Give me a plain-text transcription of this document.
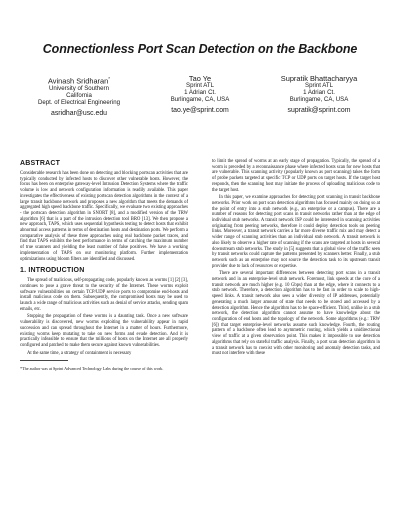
Connectionless Port Scan Detection on the Backbone
Avinash Sridharan*
University of Southern
California
Dept. of Electrical Engineering
asridhar@usc.edu
Tao Ye
Sprint ATL
1 Adrian Ct.
Burlingame, CA, USA
tao.ye@sprint.com
Supratik Bhattacharyya
Sprint ATL
1 Adrian Ct.
Burlingame, CA, USA
supratik@sprint.com
ABSTRACT

Considerable research has been done on detecting and blocking portscan activities that are typically conducted by infected hosts to discover other vulnerable hosts. However, the focus has been on enterprise gateway-level Intrusion Detection Systems where the traffic volume is low and network configuration information is readily available. This paper investigates the effectiveness of existing portscan detection algorithms in the context of a large transit backbone network and proposes a new algorithm that meets the demands of aggregated high speed backbone traffic. Specifically, we evaluate two existing approaches - the portscan detection algorithm in SNORT [8], and a modified version of the TRW algorithm [6] that is a part of the intrusion detection tool BRO [13]. We then propose a new approach, TAPS, which uses sequential hypothesis testing to detect hosts that exhibit abnormal access patterns in terms of destination hosts and destination ports. We perform a comparative analysis of these three approaches using real backbone packet traces, and find that TAPS exhibits the best performance in terms of catching the maximum number of true scanners and yielding the least number of false positives. We have a working implementation of TAPS on our monitoring platform. Further implementation optimizations using bloom filters are identified and discussed.

1. INTRODUCTION

The spread of malicious, self-propagating code, popularly known as worms [1] [2] [3], continues to pose a grave threat to the security of the Internet. These worms exploit software vulnerabilities on certain TCP/UDP service ports to compromise end-hosts and install malicious code on them. Subsequently, the compromised hosts may be used to launch a wide range of malicious activities such as denial of service attacks, sending spam emails, etc.

Stopping the propagation of these worms is a daunting task. Once a new software vulnerability is discovered, new worms exploiting the vulnerability appear in rapid succession and can spread throughout the Internet in a matter of hours. Furthermore, existing worms keep mutating to take on new forms and evade detection. And it is practically infeasible to ensure that the millions of hosts on the Internet are all properly configured and patched to make them secure against known vulnerabilities.

At the same time, a strategy of containment is necessary

*The author was at Sprint Advanced Technology Labs during the course of this work.

to limit the spread of worms at an early stage of propagation. Typically, the spread of a worm is preceded by a reconnaissance phase where infected hosts scan for new hosts that are vulnerable. This scanning activity (popularly known as port scanning) takes the form of probe packets targeted at specific TCP or UDP ports on target hosts. If the target host responds, then the scanning host may initiate the process of uploading malicious code to the target host.

In this paper, we examine approaches for detecting port scanning in transit backbone networks. Prior work on port scan detection algorithms has focused mainly on doing so at the point of entry into a stub network (e.g., an enterprise or a campus). There are a number of reasons for detecting port scans in transit networks rather than at the edge of individual stub networks. A transit network ISP could be interested in scanning activities originating from peering networks, therefore it could deploy detection tools on peering links. Moreover, a transit network carries a far more diverse traffic mix and may detect a wider range of scanning activities than an individual stub network. A transit network is also likely to observe a higher rate of scanning if the scans are targeted at hosts in several downstream stub networks. The study in [5] suggests that a global view of the traffic seen by transit networks could capture the patterns presented by scanners better. Finally, a stub network such as an enterprise may not source the detection task to its upstream transit provider due to lack of resources or expertise.

There are several important differences between detecting port scans in a transit network and in an enterprise-level stub network. Foremost, link speeds at the core of a transit network are much higher (e.g. 10 Gbps) than at the edge, where it connects to a stub network. Therefore, a detection algorithm has to be fast in order to scale to high-speed links. A transit network also sees a wider diversity of IP addresses, potentially generating a much larger amount of state that needs to be stored and accessed by a detection algorithm. Hence the algorithm has to be space-efficient. Third, unlike in a stub network, the detection algorithm cannot assume to have knowledge about the configuration of end hosts and the topology of the network. Some algorithms (e.g.: TRW [6]) that target enterprise-level networks assume such knowledge. Fourth, the routing pattern of a backbone often lead to asymmetric routing, which yields a unidirectional view of traffic at a given observation point. This makes it impossible to use detection algorithms that rely on stateful traffic analysis. Finally, a port scan detection algorithm in a transit network has to coexist with other monitoring and anomaly detection tasks, and must not interfere with these
